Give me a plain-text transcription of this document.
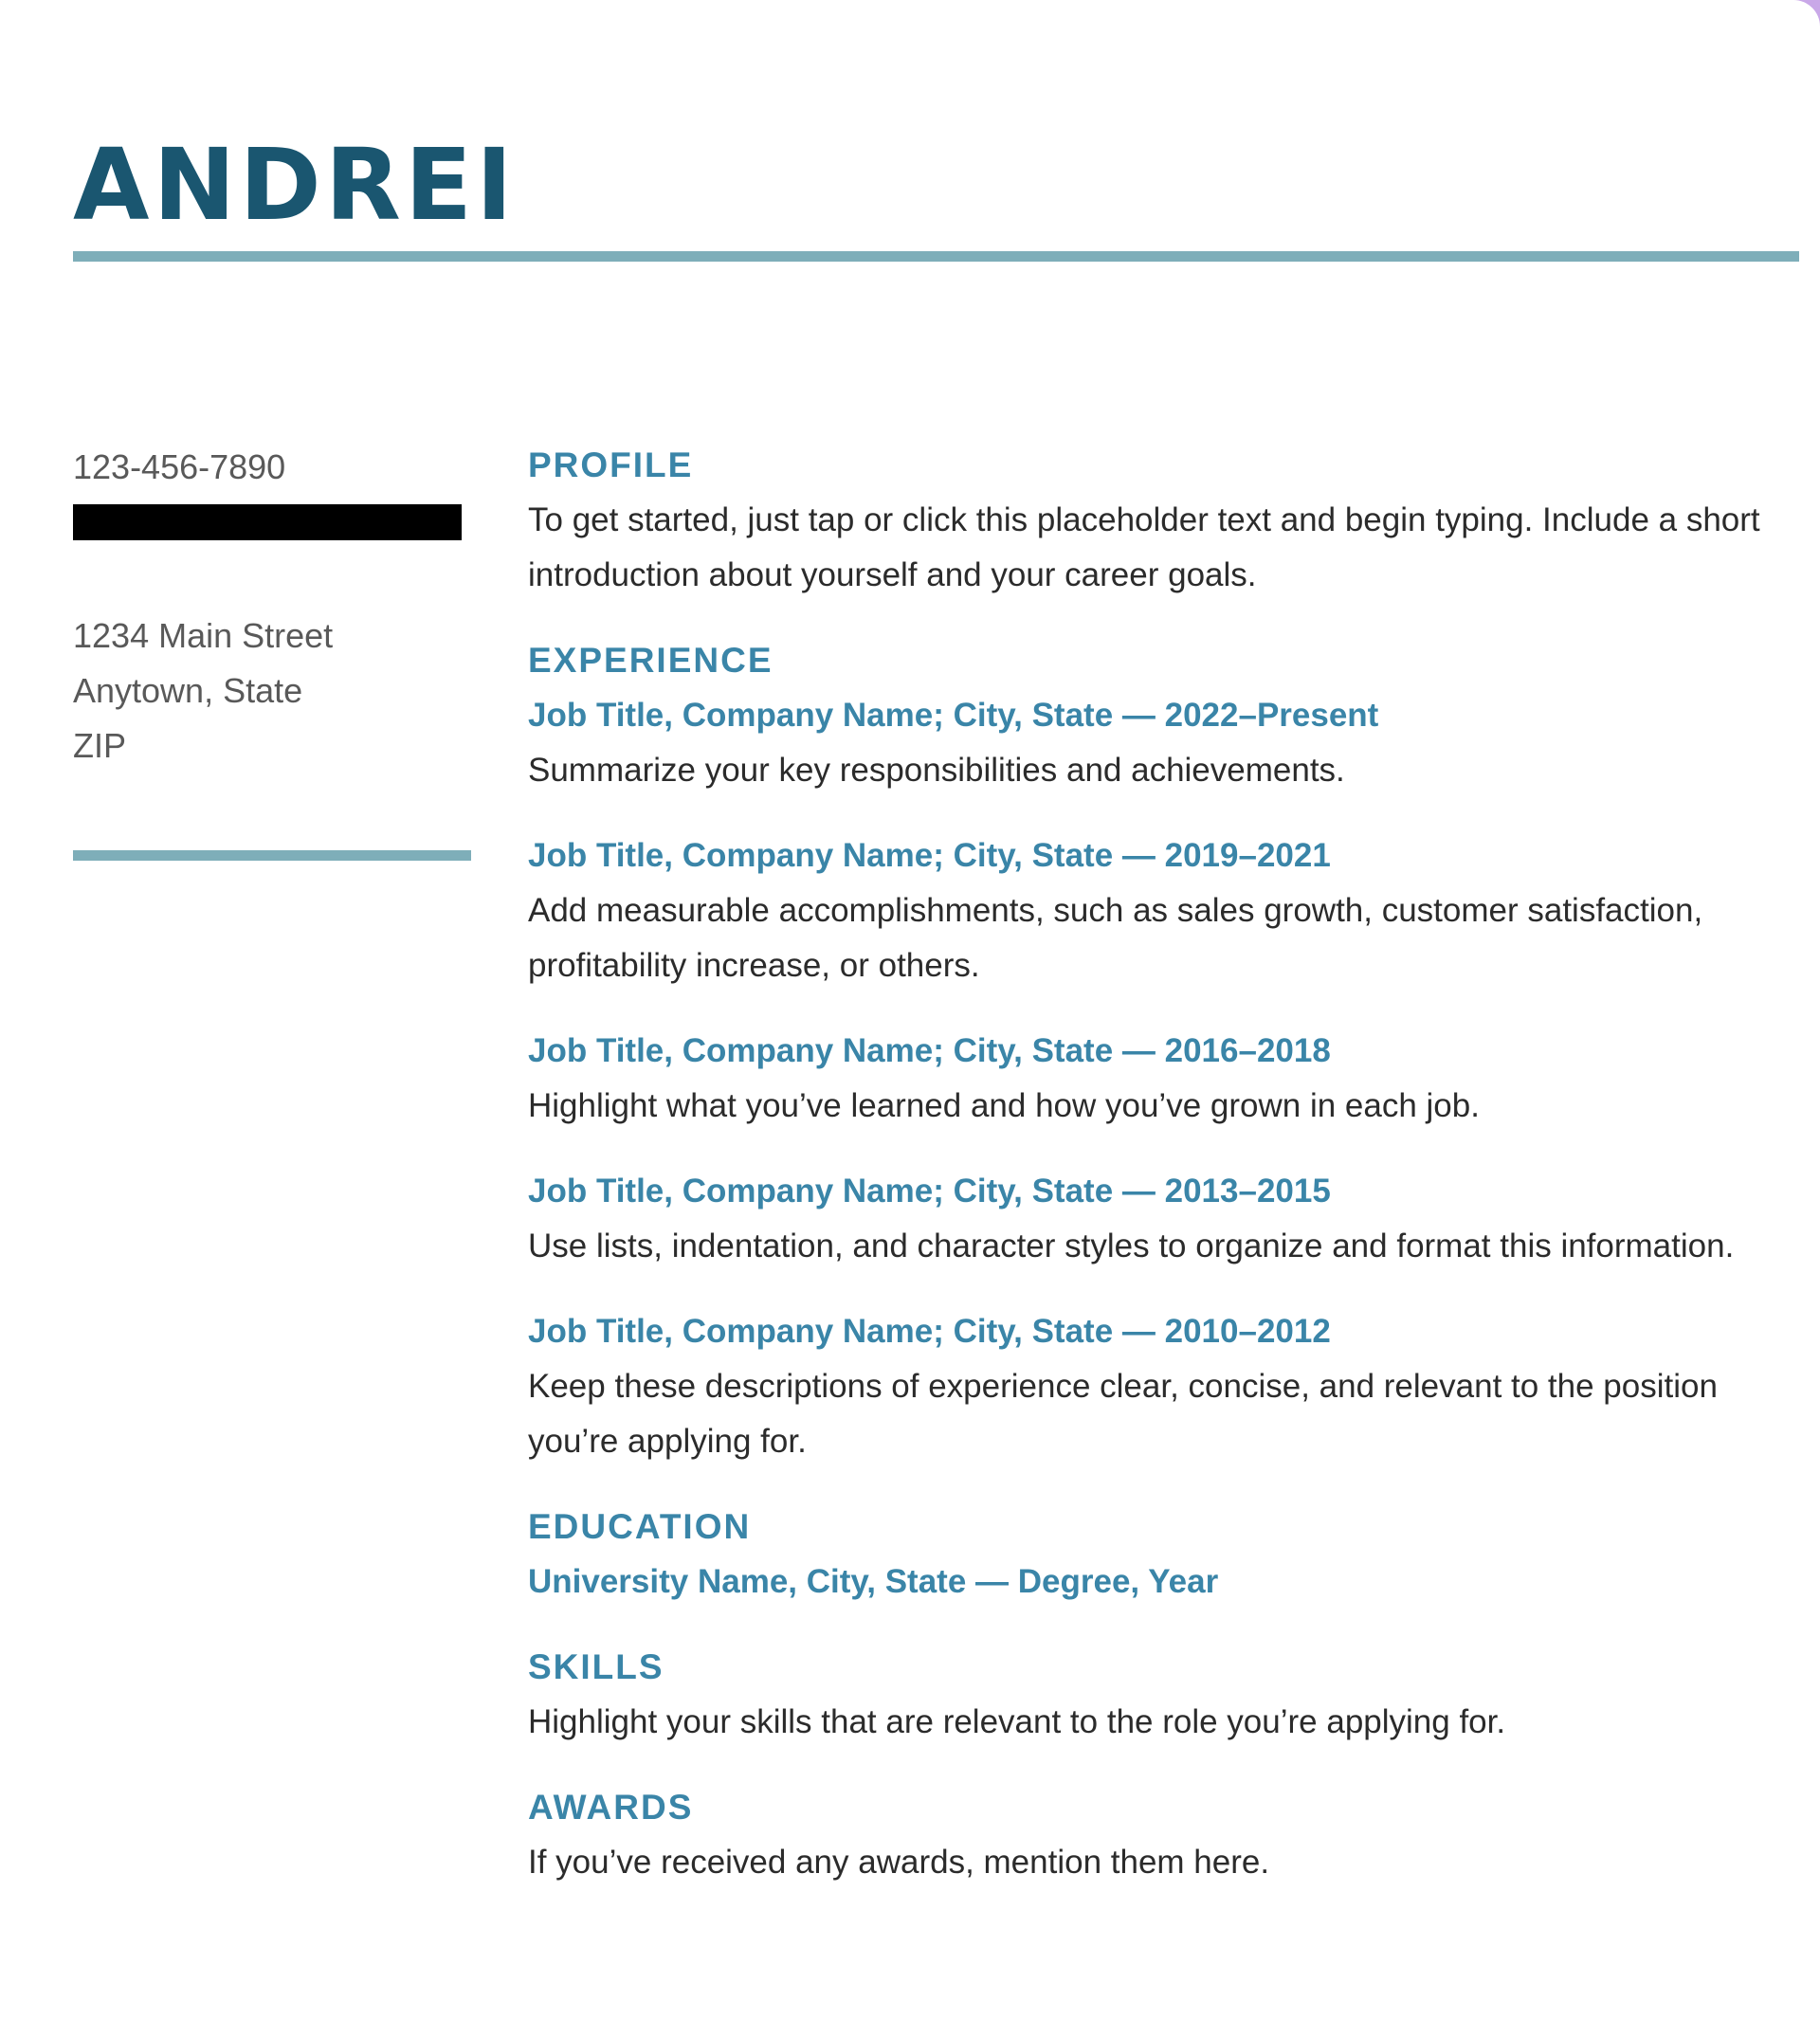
ANDREI
123-456-7890
1234 Main Street
Anytown, State
ZIP
PROFILE

To get started, just tap or click this placeholder text and begin typing. Include a short introduction about yourself and your career goals.

EXPERIENCE

Job Title, Company Name; City, State — 2022–Present

Summarize your key responsibilities and achievements.

Job Title, Company Name; City, State — 2019–2021

Add measurable accomplishments, such as sales growth, customer satisfaction, profitability increase, or others.

Job Title, Company Name; City, State — 2016–2018

Highlight what you’ve learned and how you’ve grown in each job.

Job Title, Company Name; City, State — 2013–2015

Use lists, indentation, and character styles to organize and format this information.

Job Title, Company Name; City, State — 2010–2012

Keep these descriptions of experience clear, concise, and relevant to the position you’re applying for.

EDUCATION

University Name, City, State — Degree, Year

SKILLS

Highlight your skills that are relevant to the role you’re applying for.

AWARDS

If you’ve received any awards, mention them here.
